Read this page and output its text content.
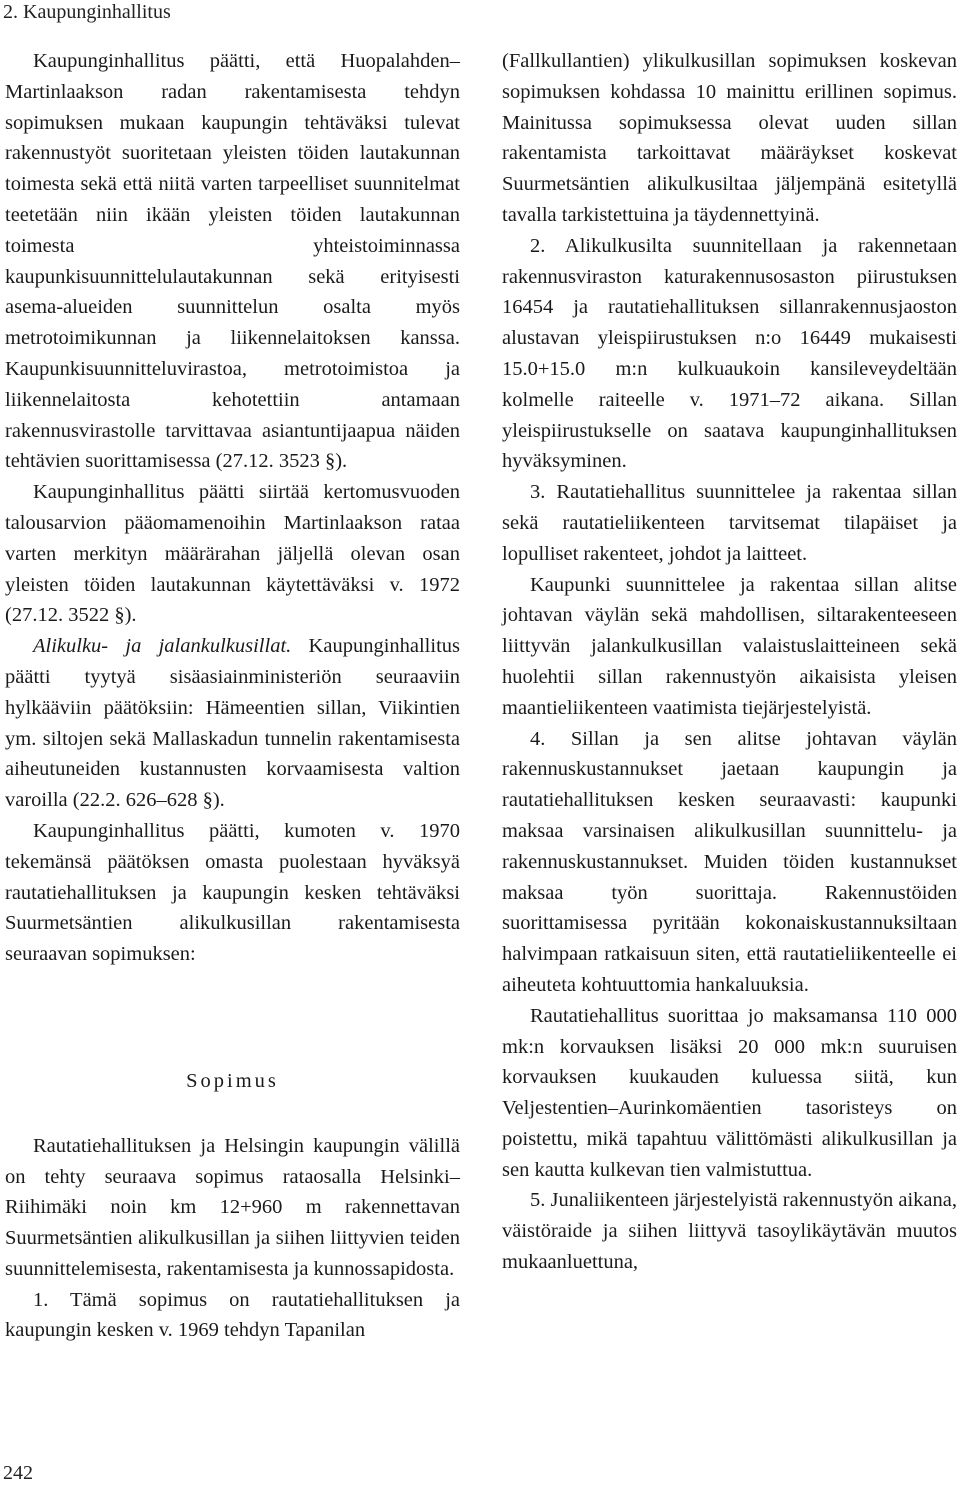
2. Kaupunginhallitus

Kaupunginhallitus päätti, että Huopalahden–Martinlaakson radan rakentamisesta tehdyn sopimuksen mukaan kaupungin tehtäväksi tulevat rakennustyöt suoritetaan yleisten töiden lautakunnan toimesta sekä että niitä varten tarpeelliset suunnitelmat teetetään niin ikään yleisten töiden lautakunnan toimesta yhteistoiminnassa kaupunkisuunnittelulautakunnan sekä erityisesti asema-alueiden suunnittelun osalta myös metrotoimikunnan ja liikennelaitoksen kanssa. Kaupunkisuunnitteluvirastoa, metrotoimistoa ja liikennelaitosta kehotettiin antamaan rakennusvirastolle tarvittavaa asiantuntijaapua näiden tehtävien suorittamisessa (27.12. 3523 §).

Kaupunginhallitus päätti siirtää kertomusvuoden talousarvion pääomamenoihin Martinlaakson rataa varten merkityn määrärahan jäljellä olevan osan yleisten töiden lautakunnan käytettäväksi v. 1972 (27.12. 3522 §).

Alikulku- ja jalankulkusillat. Kaupunginhallitus päätti tyytyä sisäasiainministeriön seuraaviin hylkääviin päätöksiin: Hämeentien sillan, Viikintien ym. siltojen sekä Mallaskadun tunnelin rakentamisesta aiheutuneiden kustannusten korvaamisesta valtion varoilla (22.2. 626–628 §).

Kaupunginhallitus päätti, kumoten v. 1970 tekemänsä päätöksen omasta puolestaan hyväksyä rautatiehallituksen ja kaupungin kesken tehtäväksi Suurmetsäntien alikulkusillan rakentamisesta seuraavan sopimuksen:

Sopimus

Rautatiehallituksen ja Helsingin kaupungin välillä on tehty seuraava sopimus rataosalla Helsinki–Riihimäki noin km 12+960 m rakennettavan Suurmetsäntien alikulkusillan ja siihen liittyvien teiden suunnittelemisesta, rakentamisesta ja kunnossapidosta.

1. Tämä sopimus on rautatiehallituksen ja kaupungin kesken v. 1969 tehdyn Tapanilan

(Fallkullantien) ylikulkusillan sopimuksen koskevan sopimuksen kohdassa 10 mainittu erillinen sopimus. Mainitussa sopimuksessa olevat uuden sillan rakentamista tarkoittavat määräykset koskevat Suurmetsäntien alikulkusiltaa jäljempänä esitetyllä tavalla tarkistettuina ja täydennettyinä.

2. Alikulkusilta suunnitellaan ja rakennetaan rakennusviraston katurakennusosaston piirustuksen 16454 ja rautatiehallituksen sillanrakennusjaoston alustavan yleispiirustuksen n:o 16449 mukaisesti 15.0+15.0 m:n kulkuaukoin kansileveydeltään kolmelle raiteelle v. 1971–72 aikana. Sillan yleispiirustukselle on saatava kaupunginhallituksen hyväksyminen.

3. Rautatiehallitus suunnittelee ja rakentaa sillan sekä rautatieliikenteen tarvitsemat tilapäiset ja lopulliset rakenteet, johdot ja laitteet.

Kaupunki suunnittelee ja rakentaa sillan alitse johtavan väylän sekä mahdollisen, siltarakenteeseen liittyvän jalankulkusillan valaistuslaitteineen sekä huolehtii sillan rakennustyön aikaisista yleisen maantieliikenteen vaatimista tiejärjestelyistä.

4. Sillan ja sen alitse johtavan väylän rakennuskustannukset jaetaan kaupungin ja rautatiehallituksen kesken seuraavasti: kaupunki maksaa varsinaisen alikulkusillan suunnittelu- ja rakennuskustannukset. Muiden töiden kustannukset maksaa työn suorittaja. Rakennustöiden suorittamisessa pyritään kokonaiskustannuksiltaan halvimpaan ratkaisuun siten, että rautatieliikenteelle ei aiheuteta kohtuuttomia hankaluuksia.

Rautatiehallitus suorittaa jo maksamansa 110 000 mk:n korvauksen lisäksi 20 000 mk:n suuruisen korvauksen kuukauden kuluessa siitä, kun Veljestentien–Aurinkomäentien tasoristeys on poistettu, mikä tapahtuu välittömästi alikulkusillan ja sen kautta kulkevan tien valmistuttua.

5. Junaliikenteen järjestelyistä rakennustyön aikana, väistöraide ja siihen liittyvä tasoylikäytävän muutos mukaanluettuna,

242
